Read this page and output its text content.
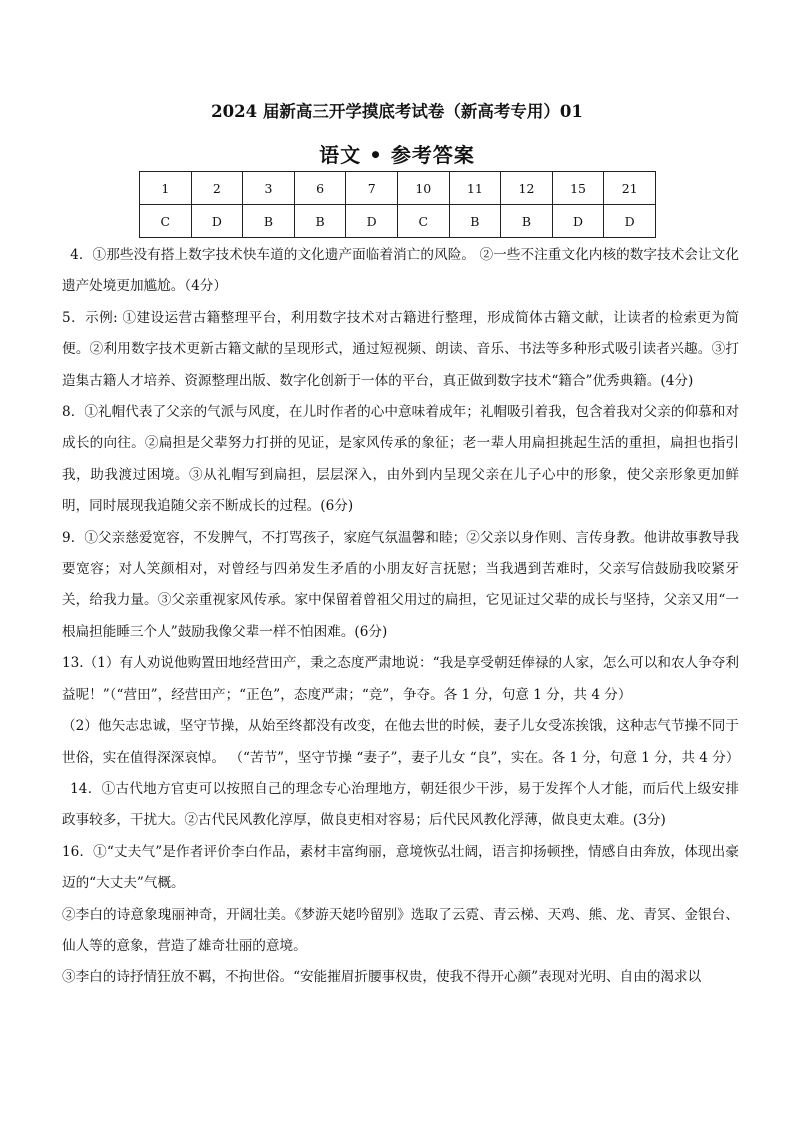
2024 届新高三开学摸底考试卷（新高考专用）01
语文 • 参考答案
1	2	3	6	7	10	11	12	15	21
C	D	B	B	D	C	B	B	D	D

4．①那些没有搭上数字技术快车道的文化遗产面临着消亡的风险。 ②一些不注重文化内核的数字技术会让文化遗产处境更加尴尬。（4分）

5．示例: ①建设运营古籍整理平台，利用数字技术对古籍进行整理，形成简体古籍文献，让读者的检索更为简便。②利用数字技术更新古籍文献的呈现形式，通过短视频、朗读、音乐、书法等多种形式吸引读者兴趣。③打造集古籍人才培养、资源整理出版、数字化创新于一体的平台，真正做到数字技术“籍合”优秀典籍。(4分)

8．①礼帽代表了父亲的气派与风度，在儿时作者的心中意味着成年；礼帽吸引着我，包含着我对父亲的仰慕和对成长的向往。②扁担是父辈努力打拼的见证，是家风传承的象征；老一辈人用扁担挑起生活的重担，扁担也指引我，助我渡过困境。③从礼帽写到扁担，层层深入，由外到内呈现父亲在儿子心中的形象，使父亲形象更加鲜明，同时展现我追随父亲不断成长的过程。(6分)

9．①父亲慈爱宽容，不发脾气，不打骂孩子，家庭气氛温馨和睦；②父亲以身作则、言传身教。他讲故事教导我要宽容；对人笑颜相对，对曾经与四弟发生矛盾的小朋友好言抚慰；当我遇到苦难时，父亲写信鼓励我咬紧牙关，给我力量。③父亲重视家风传承。家中保留着曾祖父用过的扁担，它见证过父辈的成长与坚持，父亲又用“一根扁担能睡三个人”鼓励我像父辈一样不怕困难。(6分)

13.（1）有人劝说他购置田地经营田产，秉之态度严肃地说：“我是享受朝廷俸禄的人家，怎么可以和农人争夺利益呢！”（“营田”，经营田产；“正色”，态度严肃；“竞”，争夺。各 1 分，句意 1 分，共 4 分）

（2）他矢志忠诚，坚守节操，从始至终都没有改变，在他去世的时候，妻子儿女受冻挨饿，这种志气节操不同于世俗，实在值得深深哀悼。 （“苦节”，坚守节操 “妻子”，妻子儿女 “良”，实在。各 1 分，句意 1 分，共 4 分）

14．①古代地方官吏可以按照自己的理念专心治理地方，朝廷很少干涉，易于发挥个人才能，而后代上级安排政事较多，干扰大。②古代民风教化淳厚，做良吏相对容易；后代民风教化浮薄，做良吏太难。(3分)

16．①“丈夫气”是作者评价李白作品，素材丰富绚丽，意境恢弘壮阔，语言抑扬顿挫，情感自由奔放，体现出豪迈的“大丈夫”气概。

②李白的诗意象瑰丽神奇，开阔壮美。《梦游天姥吟留别》选取了云霓、青云梯、天鸡、熊、龙、青冥、金银台、仙人等的意象，营造了雄奇壮丽的意境。

③李白的诗抒情狂放不羁，不拘世俗。“安能摧眉折腰事权贵，使我不得开心颜”表现对光明、自由的渴求以
